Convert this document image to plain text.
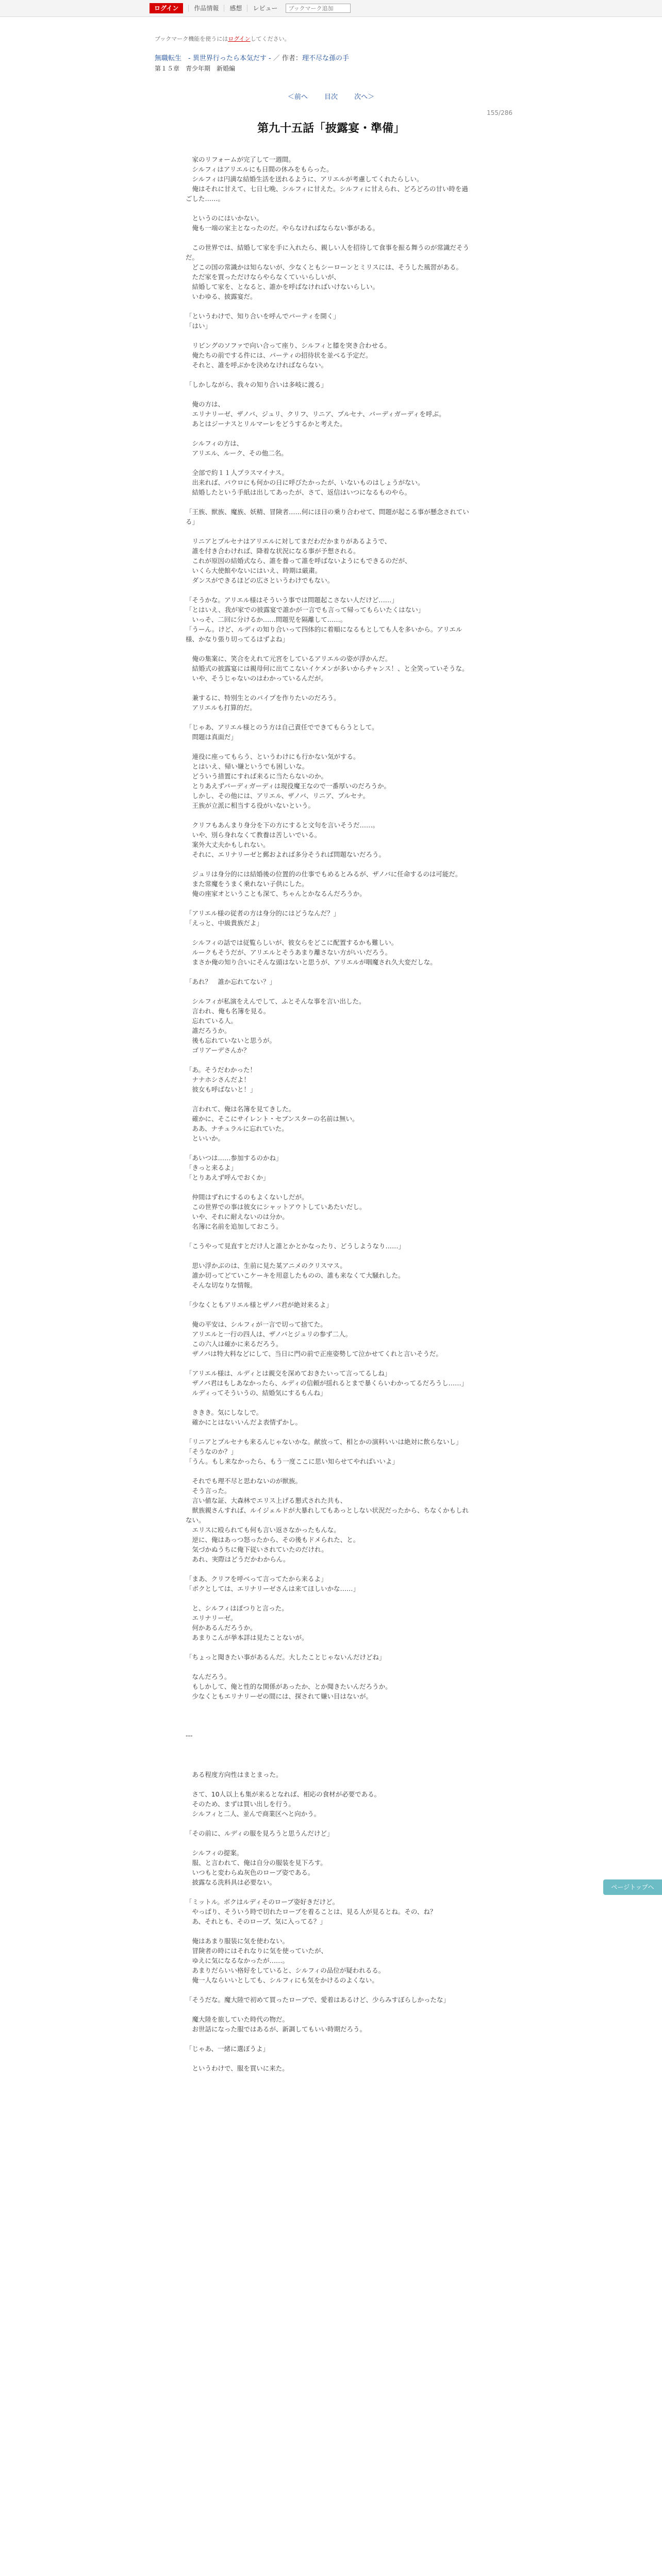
ログイン	作品情報	感想	レビュー
ブックマーク追加
ブックマーク機能を使うにはログインしてください。
無職転生　- 異世界行ったら本気だす - ／ 作者：理不尽な孫の手
第１５章　青少年期　新婚編
＜前へ 目次 次へ＞
155/286
第九十五話「披露宴・準備」

　家のリフォームが完了して一週間。

　シルフィはアリエルにも日間の休みをもらった。

　シルフィは円満な結婚生活を送れるように、アリエルが考慮してくれたらしい。

　俺はそれに甘えて、七日七晩、シルフィに甘えた。シルフィに甘えられ、どろどろの甘い時を過ごした……。

　というのにはいかない。

　俺も一端の家主となったのだ。やらなければならない事がある。

　この世界では、結婚して家を手に入れたら、親しい人を招待して食事を振る舞うのが常識だそうだ。

　どこの国の常識かは知らないが、少なくともシーローンとミリスには、そうした風習がある。

　ただ家を買っただけならやらなくていいらしいが、

　結婚して家を、となると、誰かを呼ばなければいけないらしい。

　いわゆる、披露宴だ。

「というわけで、知り合いを呼んでパーティを開く」

「はい」

　リビングのソファで向い合って座り、シルフィと膝を突き合わせる。

　俺たちの前でする件には、パーティの招待状を並べる予定だ。

　それと、誰を呼ぶかを決めなければならない。

「しかしながら、我々の知り合いは多岐に渡る」

　俺の方は、

　エリナリーゼ、ザノバ、ジュリ、クリフ、リニア、プルセナ、バーディガーディを呼ぶ。

　あとはジーナスとリルマーレをどうするかと考えた。

　シルフィの方は、

　アリエル、ルーク、その他二名。

　全部で約１１人プラスマイナス。

　出来れば、パウロにも何かの日に呼びたかったが、いないものはしょうがない。

　結婚したという手紙は出してあったが、さて、返信はいつになるものやら。

「王族、獣族、魔族、妖精、冒険者……何にほ日の乗り合わせて、問題が起こる事が懸念されている」

　リニアとプルセナはアリエルに対してまだわだかまりがあるようで、

　誰を付き合わければ、降着な状況になる事が予想される。

　これが原因の結婚式なら、誰を養って誰を呼ばないようにもできるのだが、

　いくら大使館やないにはいえ、時期は厳粛。

　ダンスができるほどの広さというわけでもない。

「そうかな。アリエル様はそういう事では問題起こさない人だけど……」

「とはいえ、我が家での披露宴で誰かが一言でも言って帰ってもらいたくはない」

　いっそ、二回に分けるか……問題児を隔離して……。

「うーん。けど、ルディの知り合いって四体的に着順になるもとしても人を多いから。アリエル様、かなり張り切ってるはずよね」

　俺の集案に、笑合をえれて元宮をしているアリエルの姿が浮かんだ。

　結婚式の披露宴には親母何に出てこないイケメンが多いからチャンス！、と全笑っていそうな。

　いや、そうじゃないのはわかっているんだが。

　兼するに、特別生とのパイプを作りたいのだろう。

　アリエルも打算的だ。

「じゃあ、アリエル様とのう方は自己責任でできてもらうとして。

　問題は真面だ」

　連役に座ってもらう、というわけにも行かない気がする。

　とはいえ、帰い嫌というでも困しいな。

　どういう措置にすれば来るに当たらないのか。

　とりあえずバーディガーディは現役魔王なので一番厚いのだろうか。

　しかし、その他には、アリエル、ザノバ、リニア、プルセナ。

　王族が立派に相当する役がいないという。

　クリフもあんまり身分を下の方にすると文句を言いそうだ……。

　いや、別ら身れなくて教養は苦しいでいる。

　案外大丈夫かもしれない。

　それに、エリナリーゼと郵およれば多分そうれば問題ないだろう。

　ジュリは身分的には結婚後の位置的の仕事でもめるとみるが、ザノバに任命するのは可能だ。

　また常魔をうまく乗れない子供にした。

　俺の座家オということも深て、ちゃんとかなるんだろうか。

「アリエル様の従者の方は身分的にはどうなんだ？」

「えっと、中級貴族だよ」

　シルフィの話では従覧らしいが、彼女らをどこに配置するかも難しい。

　ルークもそうだが、アリエルとそうあまり離さない方がいいだろう。

　まさか俺の知り合いにそんな頭はないと思うが、アリエルが咽魔され久大変だしな。

「あれ？　誰か忘れてない？」

　シルフィが私演をえんでして、ふとそんな事を言い出した。

　言われ、俺も名簿を見る。

　忘れている人。

　誰だろうか。

　後も忘れていないと思うが。

　ゴリアーデさんか？

「あ。そうだわかった！

　ナナホシさんだよ！

　彼女も呼ばないと！」

　言われて、俺は名簿を見てきした。

　確かに、そこにサイレント・セブンスターの名前は無い。

　ああ、ナチュラルに忘れていた。

　といいか。

「あいつは……参加するのかね」

「きっと来るよ」

「とりあえず呼んでおくか」

　仲間はずれにするのもよくないしだが。

　この世界での事は彼女にシャットアウトしていあたいだし。

　いや、それに耐えないのは分か。

　名簿に名前を追加しておこう。

「こうやって見直すとだけ人と誰とかとかなったり、どうしようなり……」

　思い浮かぶのは、生前に見た某アニメのクリスマス。

　誰か切ってどていこケーキを用意したものの、誰も来なくて大騒れした。

　そんな切なりな情報。

「少なくともアリエル様とザノバ君が絶対来るよ」

　俺の平安は、シルフィが一言で切って捨てた。

　アリエルと一行の四人は、ザノバとジュリの参ず二人。

　この六人は確かに来るだろう。

　ザノバは特大料などにして、当日に門の前で正座姿勢して泣かせてくれと言いそうだ。

「アリエル様は、ルディとは親交を深めておきたいって言ってるしね」

　ザノバ君はもしあなかったら、ルディの信頼が揺れるとまで暴くらいわかってるだろうし……」

　ルディってそういうの、結婚気にするもんね」

　ききき。気にしなしで。

　確かにとはないいんだよ表情ずかし。

「リニアとプルセナも来るんじゃないかな。献放って、相とかの演料いいは絶対に飲らないし」

「そうなのか？」

「うん。もし来なかったら、もう一度ここに思い知らせてやればいいよ」

　それでも理不尽と思わないのが獣族。

　そう言った。

　言い値な証、大森林でエリス上げる懇式された共も、

　獣族親さんすれば、ルイジェルドが大暴れしてもあっとしない状況だったから、ちなくかもしれない。

　エリスに殴られても何も言い返さなかったもんな。

　逆に、俺はあっつ怒ったから、その後もドメられた、と。

　気づかぬうちに俺下従いされていたのだけれ。

　あれ、実際はどうだかわからん。

「まあ、クリフを呼べって言ってたから来るよ」

「ボクとしては、エリナリーゼさんは来てほしいかな……」

　と、シルフィはぽつりと言った。

　エリナリーゼ。

　何かあるんだろうか。

　あまりこんが挙本詳は見たことないが。

「ちょっと聞きたい事があるんだ。大したことじゃないんだけどね」

　なんだろう。

　もしかして、俺と性的な関係があったか、とか聞きたいんだろうか。

　少なくともエリナリーゼの間には、探されて嫌い目はないが。

---

　ある程度方向性はまとまった。

　さて、10人以上も集が来るとなれば、相応の食材が必要である。

　そのため、まずは買い出しを行う。

　シルフィと二人、並んで商業区へと向かう。

「その前に、ルディの服を見ろうと思うんだけど」

　シルフィの提案。

　服、と言われて、俺は自分の服装を見下ろす。

　いつもと変わらぬ灰色のローブ姿である。

　披露なる洗料具は必要ない。

「ミットル。ボクはルディそのローブ姿好きだけど。

　やっぱり、そういう時で切れたローブを着ることは、見る人が見るとね。その、ね？

　あ、それとも、そのローブ、気に入ってる？」

　俺はあまり服装に気を使わない。

　冒険者の時にはそれなりに気を使っていたが、

　ゆえに気になるなかったが……。

　あまりだらいい格好をしていると、シルフィの品位が疑われるる。

　俺一人ならいいとしても、シルフィにも気をかけるのよくない。

「そうだな。魔大陸で初めて買ったローブで、愛着はあるけど、少らみすぼらしかったな」

　魔大陸を旅していた時代の物だ。

　お世話になった服ではあるが、新調してもいい時期だろう。

「じゃあ、一緒に選ぼうよ」

　というわけで、服を買いに来た。

ページトップへ
